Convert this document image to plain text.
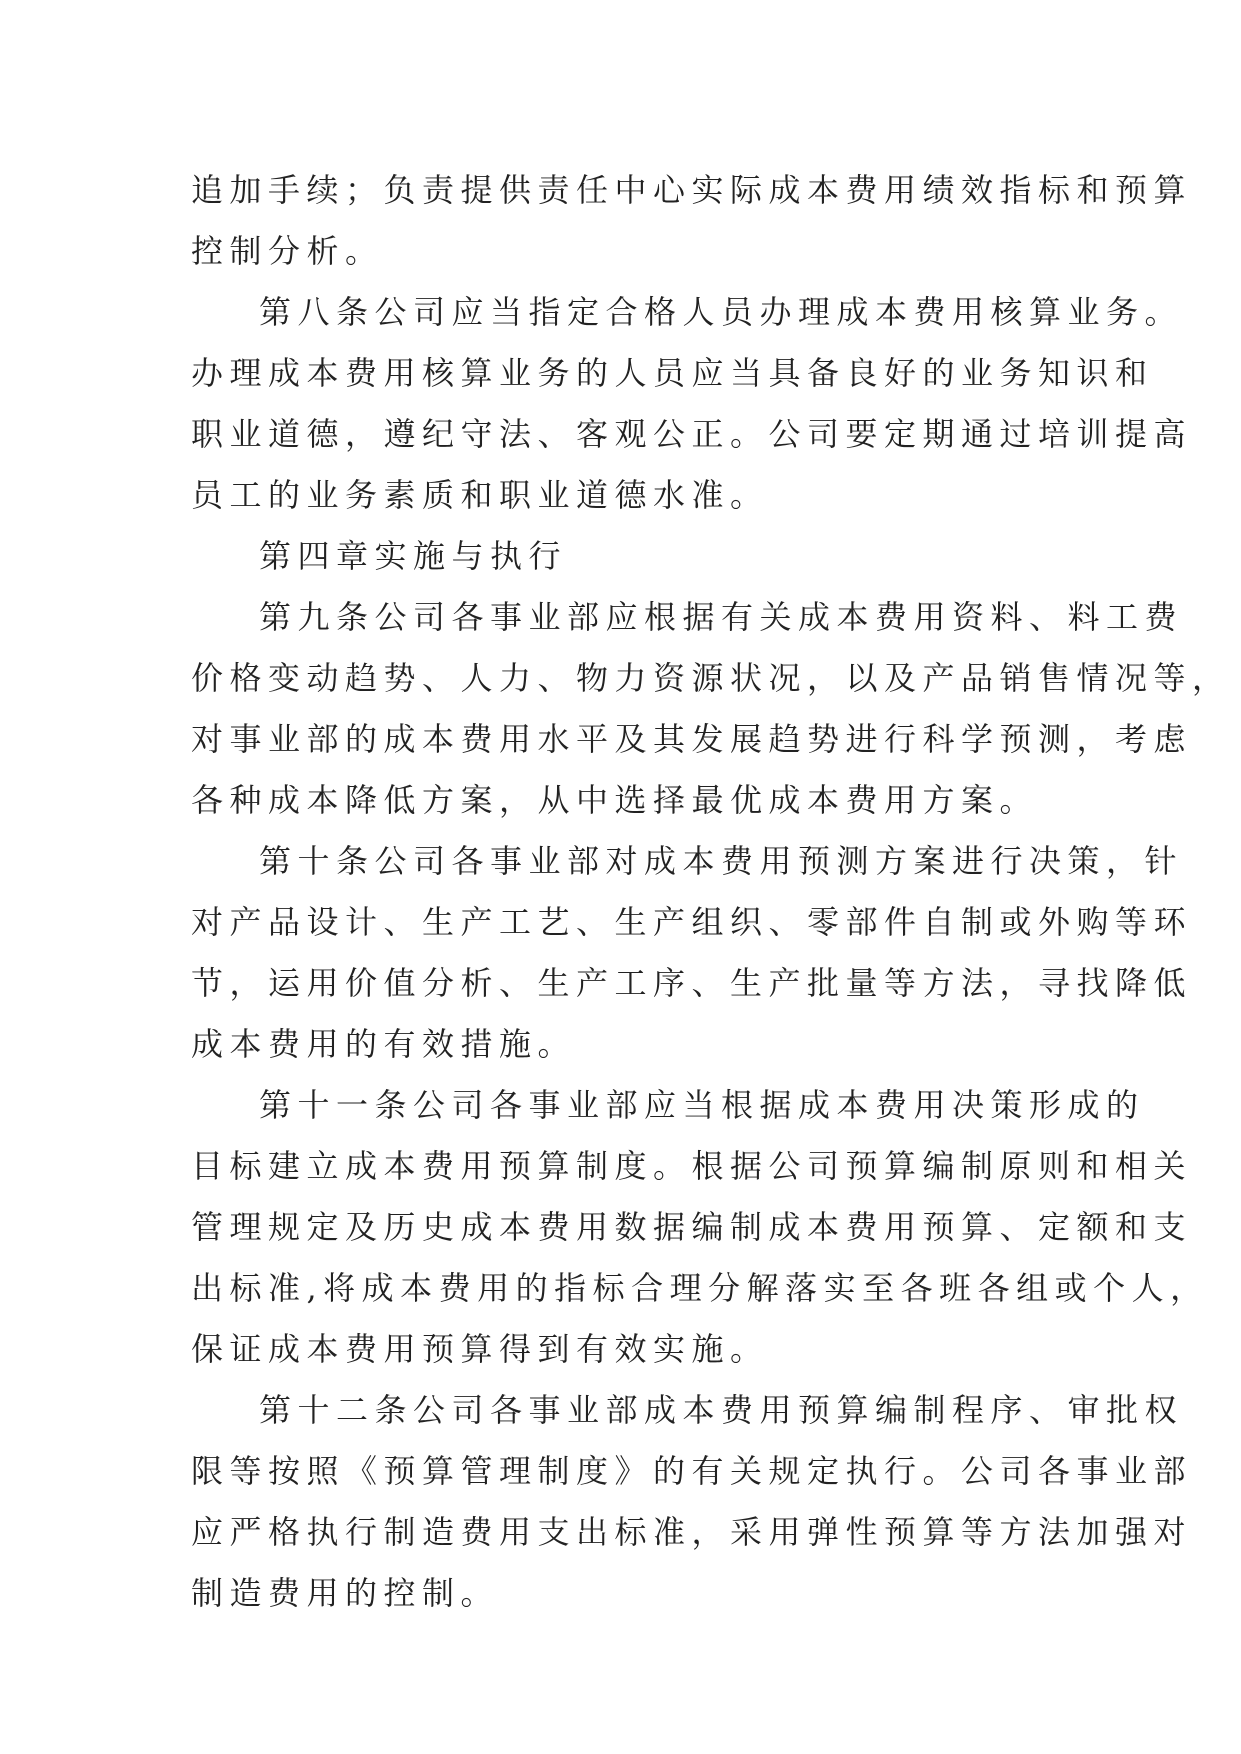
追加手续；负责提供责任中心实际成本费用绩效指标和预算
控制分析。
第八条公司应当指定合格人员办理成本费用核算业务。
办理成本费用核算业务的人员应当具备良好的业务知识和
职业道德，遵纪守法、客观公正。公司要定期通过培训提高
员工的业务素质和职业道德水准。
第四章实施与执行
第九条公司各事业部应根据有关成本费用资料、料工费
价格变动趋势、人力、物力资源状况，以及产品销售情况等，
对事业部的成本费用水平及其发展趋势进行科学预测，考虑
各种成本降低方案，从中选择最优成本费用方案。
第十条公司各事业部对成本费用预测方案进行决策，针
对产品设计、生产工艺、生产组织、零部件自制或外购等环
节，运用价值分析、生产工序、生产批量等方法，寻找降低
成本费用的有效措施。
第十一条公司各事业部应当根据成本费用决策形成的
目标建立成本费用预算制度。根据公司预算编制原则和相关
管理规定及历史成本费用数据编制成本费用预算、定额和支
出标准,将成本费用的指标合理分解落实至各班各组或个人，
保证成本费用预算得到有效实施。
第十二条公司各事业部成本费用预算编制程序、审批权
限等按照《预算管理制度》的有关规定执行。公司各事业部
应严格执行制造费用支出标准，采用弹性预算等方法加强对
制造费用的控制。
